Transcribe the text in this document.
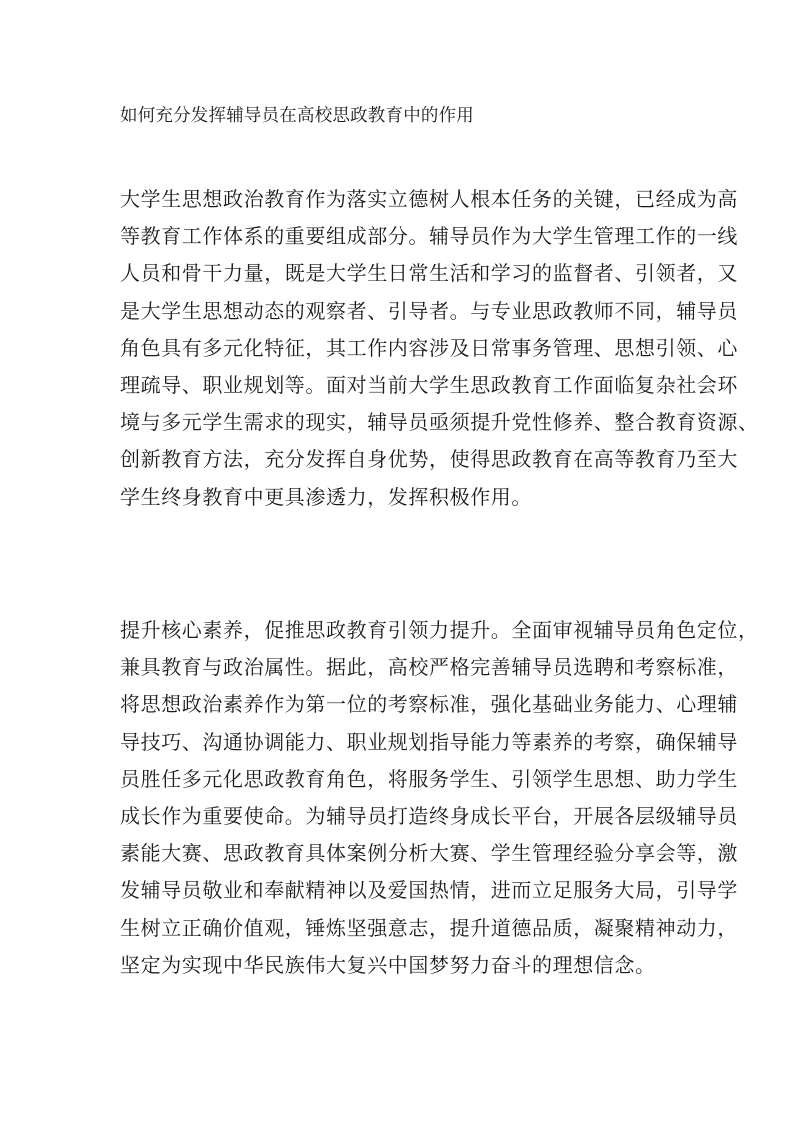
如何充分发挥辅导员在高校思政教育中的作用
大学生思想政治教育作为落实立德树人根本任务的关键，已经成为高
等教育工作体系的重要组成部分。辅导员作为大学生管理工作的一线
人员和骨干力量，既是大学生日常生活和学习的监督者、引领者，又
是大学生思想动态的观察者、引导者。与专业思政教师不同，辅导员
角色具有多元化特征，其工作内容涉及日常事务管理、思想引领、心
理疏导、职业规划等。面对当前大学生思政教育工作面临复杂社会环
境与多元学生需求的现实，辅导员亟须提升党性修养、整合教育资源、
创新教育方法，充分发挥自身优势，使得思政教育在高等教育乃至大
学生终身教育中更具渗透力，发挥积极作用。
提升核心素养，促推思政教育引领力提升。全面审视辅导员角色定位，
兼具教育与政治属性。据此，高校严格完善辅导员选聘和考察标准，
将思想政治素养作为第一位的考察标准，强化基础业务能力、心理辅
导技巧、沟通协调能力、职业规划指导能力等素养的考察，确保辅导
员胜任多元化思政教育角色，将服务学生、引领学生思想、助力学生
成长作为重要使命。为辅导员打造终身成长平台，开展各层级辅导员
素能大赛、思政教育具体案例分析大赛、学生管理经验分享会等，激
发辅导员敬业和奉献精神以及爱国热情，进而立足服务大局，引导学
生树立正确价值观，锤炼坚强意志，提升道德品质，凝聚精神动力，
坚定为实现中华民族伟大复兴中国梦努力奋斗的理想信念。
